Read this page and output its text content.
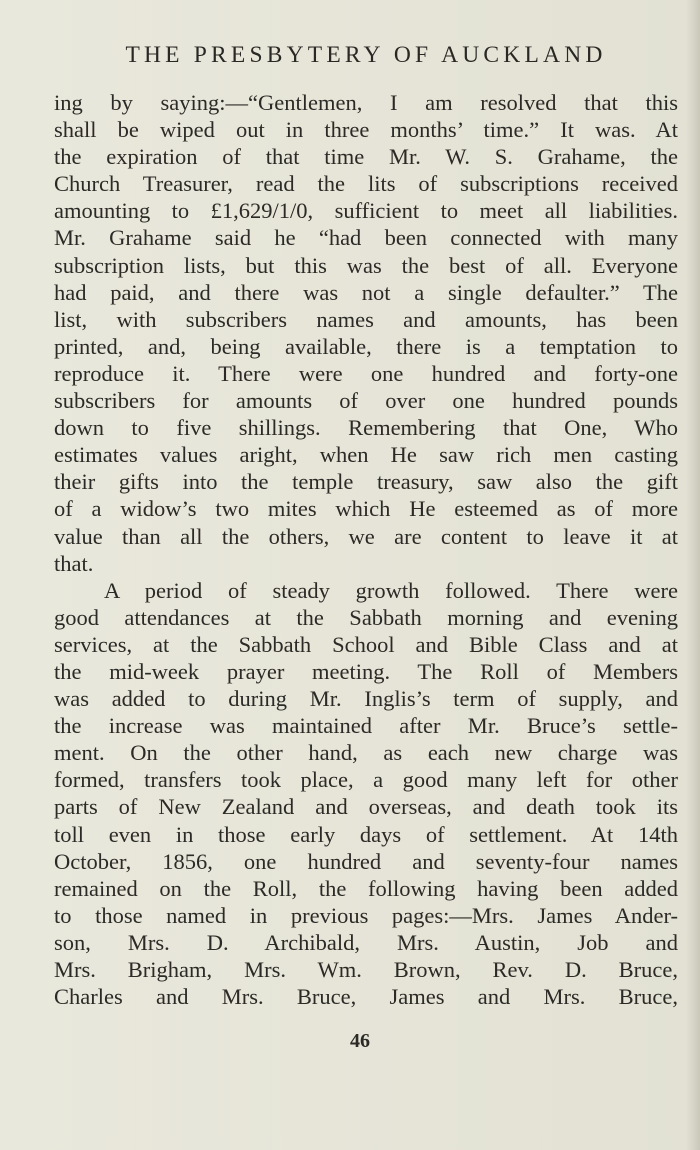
THE PRESBYTERY OF AUCKLAND
ing by saying:—“Gentlemen, I am resolved that this
shall be wiped out in three months’ time.” It was. At
the expiration of that time Mr. W. S. Grahame, the
Church Treasurer, read the lits of subscriptions received
amounting to £1,629/1/0, sufficient to meet all liabilities.
Mr. Grahame said he “had been connected with many
subscription lists, but this was the best of all. Everyone
had paid, and there was not a single defaulter.” The
list, with subscribers names and amounts, has been
printed, and, being available, there is a temptation to
reproduce it. There were one hundred and forty-one
subscribers for amounts of over one hundred pounds
down to five shillings. Remembering that One, Who
estimates values aright, when He saw rich men casting
their gifts into the temple treasury, saw also the gift
of a widow’s two mites which He esteemed as of more
value than all the others, we are content to leave it at
that.
A period of steady growth followed. There were
good attendances at the Sabbath morning and evening
services, at the Sabbath School and Bible Class and at
the mid-week prayer meeting. The Roll of Members
was added to during Mr. Inglis’s term of supply, and
the increase was maintained after Mr. Bruce’s settle-
ment. On the other hand, as each new charge was
formed, transfers took place, a good many left for other
parts of New Zealand and overseas, and death took its
toll even in those early days of settlement. At 14th
October, 1856, one hundred and seventy-four names
remained on the Roll, the following having been added
to those named in previous pages:—Mrs. James Ander-
son, Mrs. D. Archibald, Mrs. Austin, Job and
Mrs. Brigham, Mrs. Wm. Brown, Rev. D. Bruce,
Charles and Mrs. Bruce, James and Mrs. Bruce,
46
